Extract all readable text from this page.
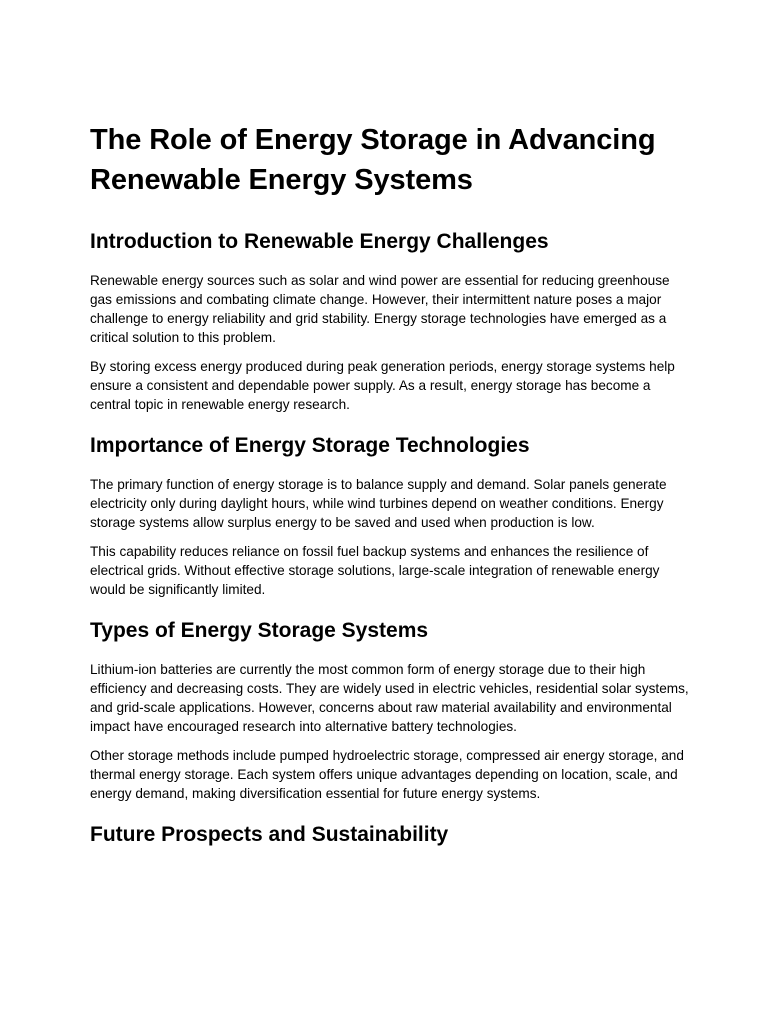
The Role of Energy Storage in Advancing Renewable Energy Systems
Introduction to Renewable Energy Challenges

Renewable energy sources such as solar and wind power are essential for reducing greenhouse gas emissions and combating climate change. However, their intermittent nature poses a major challenge to energy reliability and grid stability. Energy storage technologies have emerged as a critical solution to this problem.

By storing excess energy produced during peak generation periods, energy storage systems help ensure a consistent and dependable power supply. As a result, energy storage has become a central topic in renewable energy research.

Importance of Energy Storage Technologies

The primary function of energy storage is to balance supply and demand. Solar panels generate electricity only during daylight hours, while wind turbines depend on weather conditions. Energy storage systems allow surplus energy to be saved and used when production is low.

This capability reduces reliance on fossil fuel backup systems and enhances the resilience of electrical grids. Without effective storage solutions, large-scale integration of renewable energy would be significantly limited.

Types of Energy Storage Systems

Lithium-ion batteries are currently the most common form of energy storage due to their high efficiency and decreasing costs. They are widely used in electric vehicles, residential solar systems, and grid-scale applications. However, concerns about raw material availability and environmental impact have encouraged research into alternative battery technologies.

Other storage methods include pumped hydroelectric storage, compressed air energy storage, and thermal energy storage. Each system offers unique advantages depending on location, scale, and energy demand, making diversification essential for future energy systems.

Future Prospects and Sustainability
